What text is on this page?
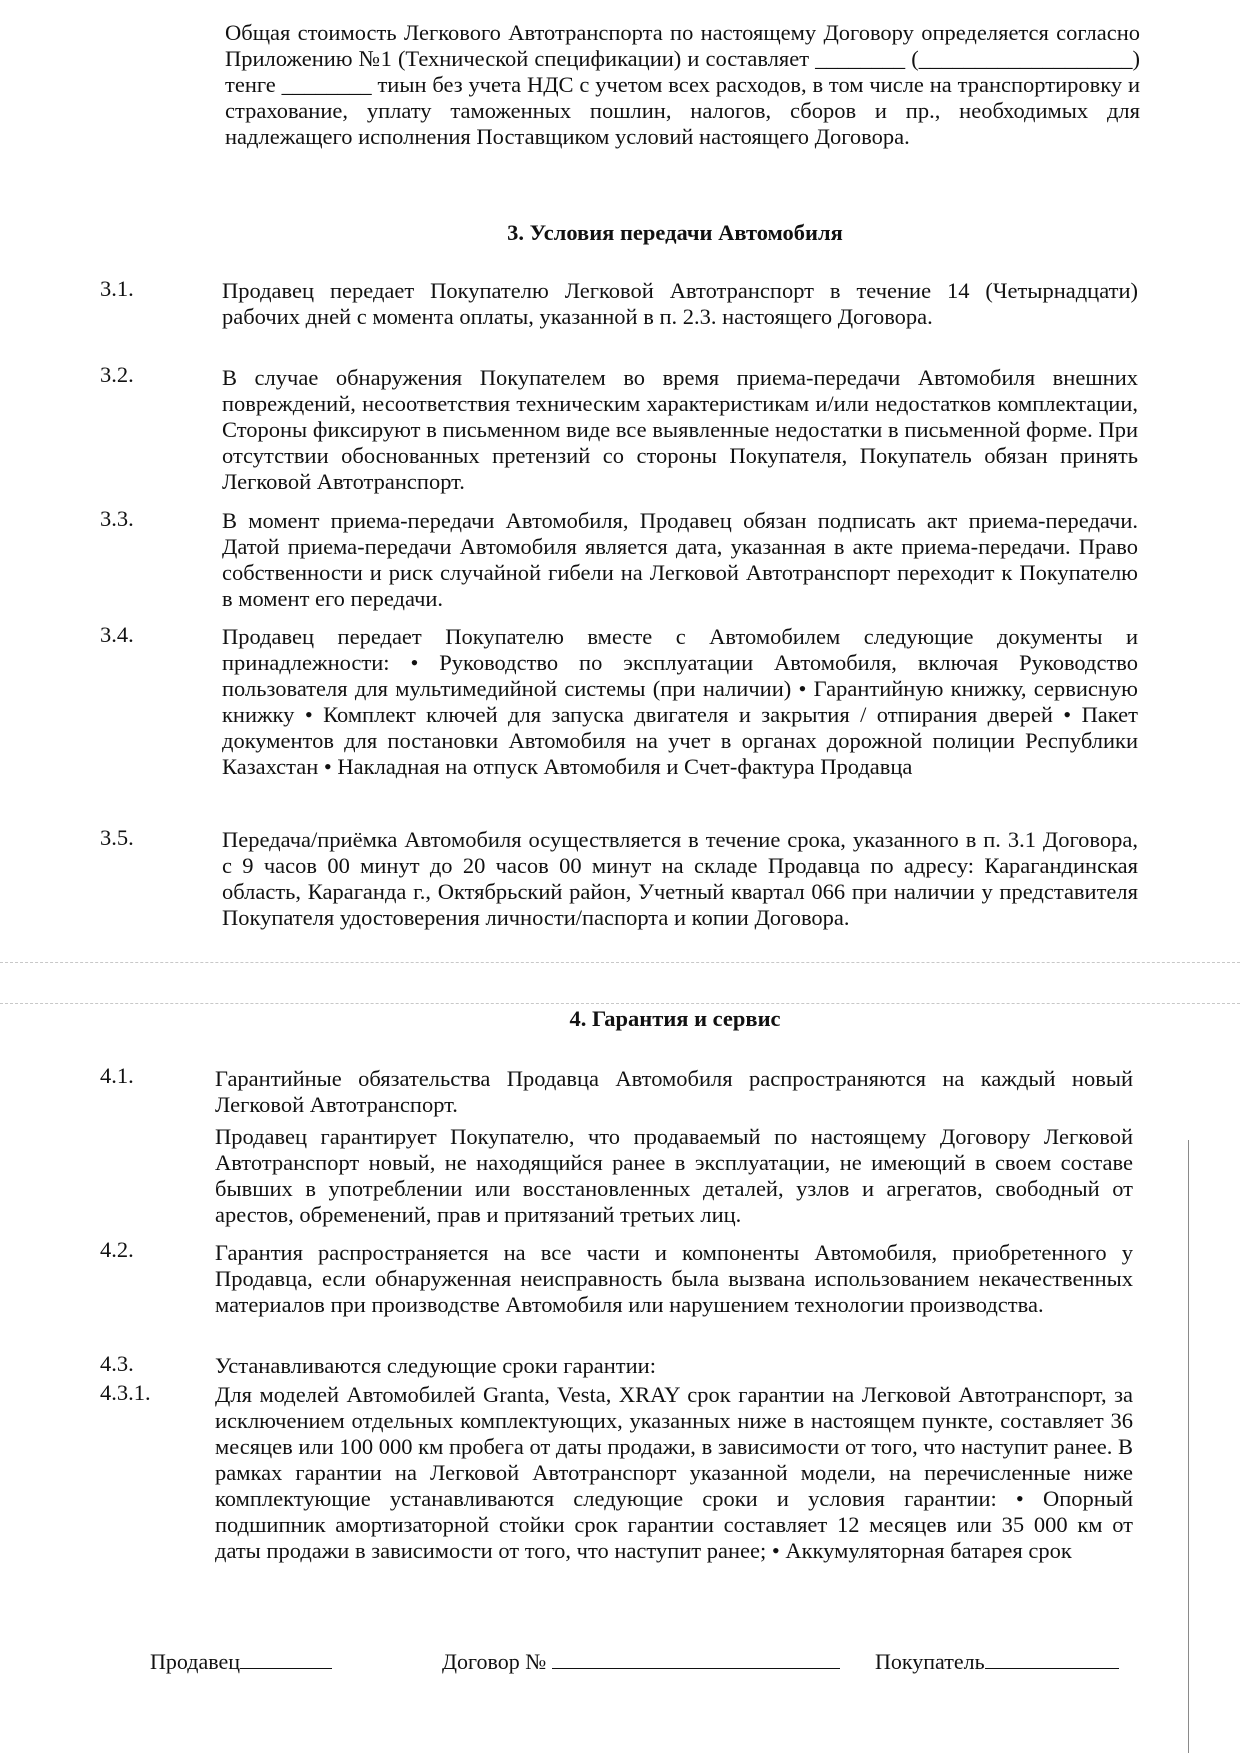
Общая стоимость Легкового Автотранспорта по настоящему Договору определяется согласно Приложению №1 (Технической спецификации) и составляет ________ (___________________) тенге ________ тиын без учета НДС с учетом всех расходов, в том числе на транспортировку и страхование, уплату таможенных пошлин, налогов, сборов и пр., необходимых для надлежащего исполнения Поставщиком условий настоящего Договора.
3. Условия передачи Автомобиля
3.1.	Продавец передает Покупателю Легковой Автотранспорт в течение 14 (Четырнадцати) рабочих дней с момента оплаты, указанной в п. 2.3. настоящего Договора.
3.2.	В случае обнаружения Покупателем во время приема-передачи Автомобиля внешних повреждений, несоответствия техническим характеристикам и/или недостатков комплектации, Стороны фиксируют в письменном виде все выявленные недостатки в письменной форме. При отсутствии обоснованных претензий со стороны Покупателя, Покупатель обязан принять Легковой Автотранспорт.
3.3.	В момент приема-передачи Автомобиля, Продавец обязан подписать акт приема-передачи. Датой приема-передачи Автомобиля является дата, указанная в акте приема-передачи. Право собственности и риск случайной гибели на Легковой Автотранспорт переходит к Покупателю в момент его передачи.
3.4.	Продавец передает Покупателю вместе с Автомобилем следующие документы и принадлежности: • Руководство по эксплуатации Автомобиля, включая Руководство пользователя для мультимедийной системы (при наличии) • Гарантийную книжку, сервисную книжку • Комплект ключей для запуска двигателя и закрытия / отпирания дверей • Пакет документов для постановки Автомобиля на учет в органах дорожной полиции Республики Казахстан • Накладная на отпуск Автомобиля и Счет-фактура Продавца
3.5.	Передача/приёмка Автомобиля осуществляется в течение срока, указанного в п. 3.1 Договора, с 9 часов 00 минут до 20 часов 00 минут на складе Продавца по адресу: Карагандинская область, Караганда г., Октябрьский район, Учетный квартал 066 при наличии у представителя Покупателя удостоверения личности/паспорта и копии Договора.
4. Гарантия и сервис
4.1.	Гарантийные обязательства Продавца Автомобиля распространяются на каждый новый Легковой Автотранспорт.
Продавец гарантирует Покупателю, что продаваемый по настоящему Договору Легковой Автотранспорт новый, не находящийся ранее в эксплуатации, не имеющий в своем составе бывших в употреблении или восстановленных деталей, узлов и агрегатов, свободный от арестов, обременений, прав и притязаний третьих лиц.
4.2.	Гарантия распространяется на все части и компоненты Автомобиля, приобретенного у Продавца, если обнаруженная неисправность была вызвана использованием некачественных материалов при производстве Автомобиля или нарушением технологии производства.
4.3.	Устанавливаются следующие сроки гарантии:
4.3.1.	Для моделей Автомобилей Granta, Vesta, XRAY срок гарантии на Легковой Автотранспорт, за исключением отдельных комплектующих, указанных ниже в настоящем пункте, составляет 36 месяцев или 100 000 км пробега от даты продажи, в зависимости от того, что наступит ранее. В рамках гарантии на Легковой Автотранспорт указанной модели, на перечисленные ниже комплектующие устанавливаются следующие сроки и условия гарантии: • Опорный подшипник амортизаторной стойки срок гарантии составляет 12 месяцев или 35 000 км от даты продажи в зависимости от того, что наступит ранее; • Аккумуляторная батарея срок
Продавец	Договор №	Покупатель
